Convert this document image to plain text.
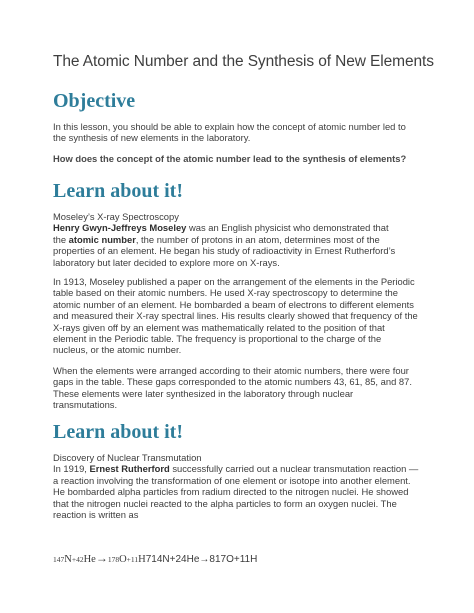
The Atomic Number and the Synthesis of New Elements
Objective
In this lesson, you should be able to explain how the concept of atomic number led to
the synthesis of new elements in the laboratory.
How does the concept of the atomic number lead to the synthesis of elements?
Learn about it!
Moseley’s X-ray Spectroscopy
Henry Gwyn-Jeffreys Moseley was an English physicist who demonstrated that
the atomic number, the number of protons in an atom, determines most of the
properties of an element. He began his study of radioactivity in Ernest Rutherford’s
laboratory but later decided to explore more on X-rays.
In 1913, Moseley published a paper on the arrangement of the elements in the Periodic
table based on their atomic numbers. He used X-ray spectroscopy to determine the
atomic number of an element. He bombarded a beam of electrons to different elements
and measured their X-ray spectral lines. His results clearly showed that frequency of the
X-rays given off by an element was mathematically related to the position of that
element in the Periodic table. The frequency is proportional to the charge of the
nucleus, or the atomic number.
When the elements were arranged according to their atomic numbers, there were four
gaps in the table. These gaps corresponded to the atomic numbers 43, 61, 85, and 87.
These elements were later synthesized in the laboratory through nuclear
transmutations.
Learn about it!
Discovery of Nuclear Transmutation
In 1919, Ernest Rutherford successfully carried out a nuclear transmutation reaction —
a reaction involving the transformation of one element or isotope into another element.
He bombarded alpha particles from radium directed to the nitrogen nuclei. He showed
that the nitrogen nuclei reacted to the alpha particles to form an oxygen nuclei. The
reaction is written as
147N+42He→178O+11H714N+24He→817O+11H
